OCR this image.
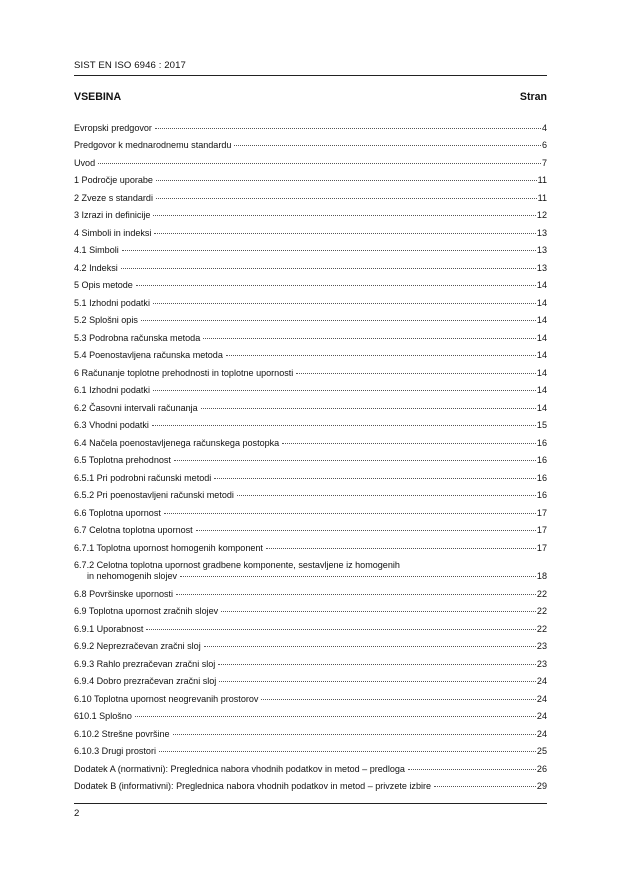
SIST EN ISO 6946 : 2017
VSEBINA	Stran
Evropski predgovor	4
Predgovor k mednarodnemu standardu	6
Uvod	7
1 Področje uporabe	11
2 Zveze s standardi	11
3 Izrazi in definicije	12
4 Simboli in indeksi	13
4.1 Simboli	13
4.2 Indeksi	13
5 Opis metode	14
5.1 Izhodni podatki	14
5.2 Splošni opis	14
5.3 Podrobna računska metoda	14
5.4 Poenostavljena računska metoda	14
6 Računanje toplotne prehodnosti in toplotne upornosti	14
6.1 Izhodni podatki	14
6.2 Časovni intervali računanja	14
6.3 Vhodni podatki	15
6.4 Načela poenostavljenega računskega postopka	16
6.5 Toplotna prehodnost	16
6.5.1 Pri podrobni računski metodi	16
6.5.2 Pri poenostavljeni računski metodi	16
6.6 Toplotna upornost	17
6.7 Celotna toplotna upornost	17
6.7.1 Toplotna upornost homogenih komponent	17
6.7.2 Celotna toplotna upornost gradbene komponente, sestavljene iz homogenih
in nehomogenih slojev	18
6.8 Površinske upornosti	22
6.9 Toplotna upornost zračnih slojev	22
6.9.1 Uporabnost	22
6.9.2 Neprezračevan zračni sloj	23
6.9.3 Rahlo prezračevan zračni sloj	23
6.9.4 Dobro prezračevan zračni sloj	24
6.10 Toplotna upornost neogrevanih prostorov	24
610.1 Splošno	24
6.10.2 Strešne površine	24
6.10.3 Drugi prostori	25
Dodatek A (normativni): Preglednica nabora vhodnih podatkov in metod – predloga	26
Dodatek B (informativni): Preglednica nabora vhodnih podatkov in metod – privzete izbire	29
2
